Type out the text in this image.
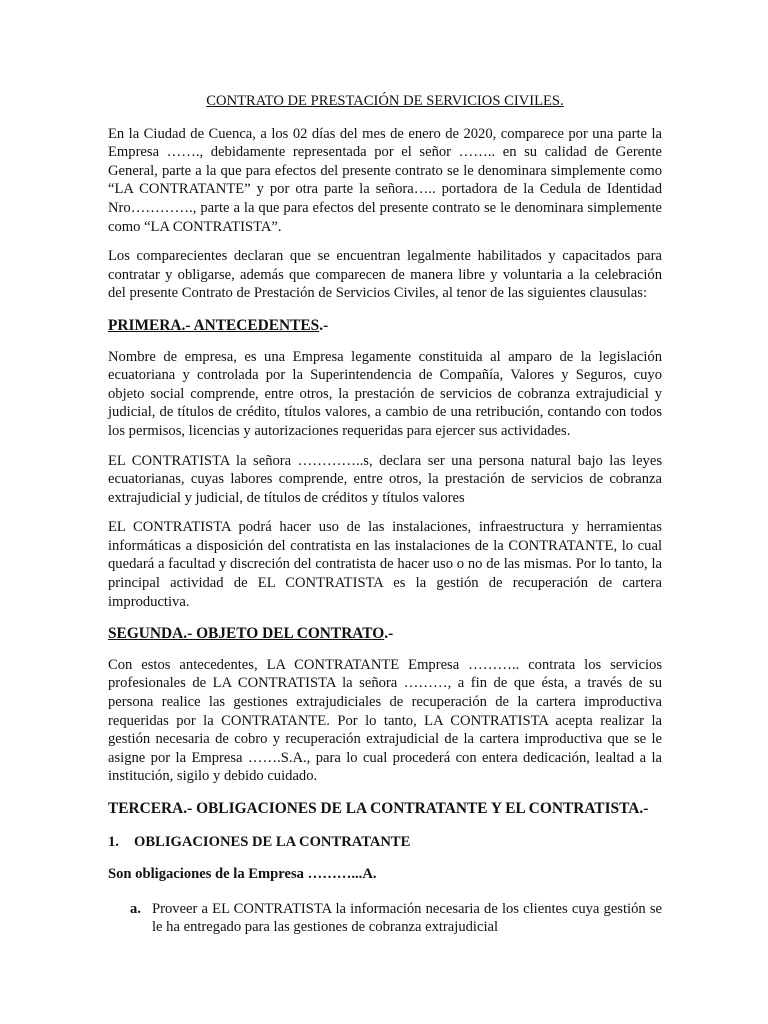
CONTRATO DE PRESTACIÓN DE SERVICIOS CIVILES.

En la Ciudad de Cuenca, a los 02 días del mes de enero de 2020, comparece por una parte la Empresa ……., debidamente representada por el señor …….. en su calidad de Gerente General, parte a la que para efectos del presente contrato se le denominara simplemente como “LA CONTRATANTE” y por otra parte la señora….. portadora de la Cedula de Identidad Nro…………., parte a la que para efectos del presente contrato se le denominara simplemente como “LA CONTRATISTA”.

Los comparecientes declaran que se encuentran legalmente habilitados y capacitados para contratar y obligarse, además que comparecen de manera libre y voluntaria a la celebración del presente Contrato de Prestación de Servicios Civiles, al tenor de las siguientes clausulas:

PRIMERA.- ANTECEDENTES.-

Nombre de empresa, es una Empresa legamente constituida al amparo de la legislación ecuatoriana y controlada por la Superintendencia de Compañía, Valores y Seguros, cuyo objeto social comprende, entre otros, la prestación de servicios de cobranza extrajudicial y judicial, de títulos de crédito, títulos valores, a cambio de una retribución, contando con todos los permisos, licencias y autorizaciones requeridas para ejercer sus actividades.

EL CONTRATISTA la señora …………..s, declara ser una persona natural bajo las leyes ecuatorianas, cuyas labores comprende, entre otros, la prestación de servicios de cobranza extrajudicial y judicial, de títulos de créditos y títulos valores

EL CONTRATISTA podrá hacer uso de las instalaciones, infraestructura y herramientas informáticas a disposición del contratista en las instalaciones de la CONTRATANTE, lo cual quedará a facultad y discreción del contratista de hacer uso o no de las mismas. Por lo tanto, la principal actividad de EL CONTRATISTA es la gestión de recuperación de cartera improductiva.

SEGUNDA.- OBJETO DEL CONTRATO.-

Con estos antecedentes, LA CONTRATANTE Empresa ……….. contrata los servicios profesionales de LA CONTRATISTA la señora ………, a fin de que ésta, a través de su persona realice las gestiones extrajudiciales de recuperación de la cartera improductiva requeridas por la CONTRATANTE. Por lo tanto, LA CONTRATISTA acepta realizar la gestión necesaria de cobro y recuperación extrajudicial de la cartera improductiva que se le asigne por la Empresa …….S.A., para lo cual procederá con entera dedicación, lealtad a la institución, sigilo y debido cuidado.

TERCERA.- OBLIGACIONES DE LA CONTRATANTE Y EL CONTRATISTA.-
1.	OBLIGACIONES DE LA CONTRATANTE

Son obligaciones de la Empresa ………...A.

a. Proveer a EL CONTRATISTA la información necesaria de los clientes cuya gestión se le ha entregado para las gestiones de cobranza extrajudicial
